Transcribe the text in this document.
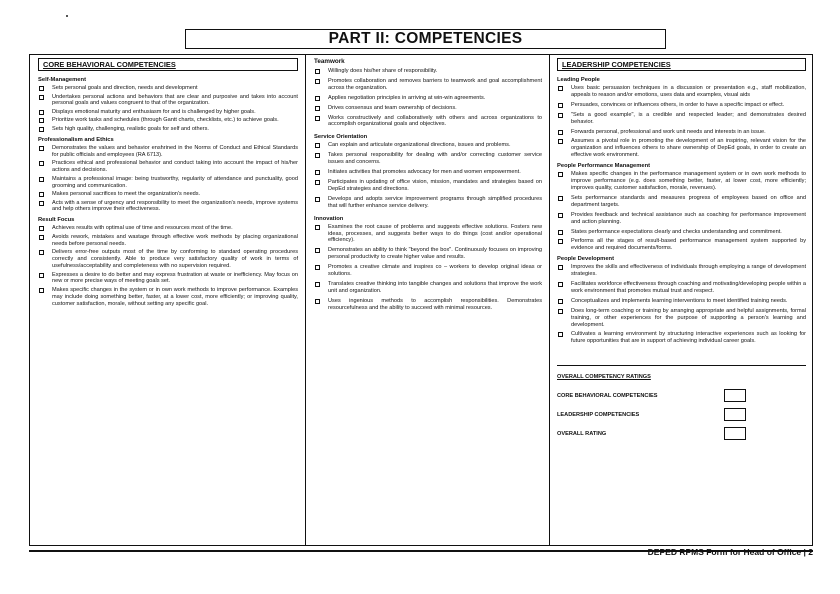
PART II: COMPETENCIES
CORE BEHAVIORAL COMPETENCIES
Self-Management
Sets personal goals and direction, needs and development
Undertakes personal actions and behaviors that are clear and purposive and takes into account personal goals and values congruent to that of the organization.
Displays emotional maturity and enthusiasm for and is challenged by higher goals.
Prioritize work tasks and schedules (through Gantt charts, checklists, etc.) to achieve goals.
Sets high quality, challenging, realistic goals for self and others.
Professionalism and Ethics
Demonstrates the values and behavior enshrined in the Norms of Conduct and Ethical Standards for public officials and employees (RA 6713).
Practices ethical and professional behavior and conduct taking into account the impact of his/her actions and decisions.
Maintains a professional image: being trustworthy, regularity of attendance and punctuality, good grooming and communication.
Makes personal sacrifices to meet the organization's needs.
Acts with a sense of urgency and responsibility to meet the organization's needs, improve systems and help others improve their effectiveness.
Result Focus
Achieves results with optimal use of time and resources most of the time.
Avoids rework, mistakes and wastage through effective work methods by placing organizational needs before personal needs.
Delivers error-free outputs most of the time by conforming to standard operating procedures correctly and consistently. Able to produce very satisfactory quality of work in terms of usefulness/acceptability and completeness with no supervision required.
Expresses a desire to do better and may express frustration at waste or inefficiency. May focus on new or more precise ways of meeting goals set.
Makes specific changes in the system or in own work methods to improve performance. Examples may include doing something better, faster, at a lower cost, more efficiently; or improving quality, customer satisfaction, morale, without setting any specific goal.
Teamwork
Willingly does his/her share of responsibility.
Promotes collaboration and removes barriers to teamwork and goal accomplishment across the organization.
Applies negotiation principles in arriving at win-win agreements.
Drives consensus and team ownership of decisions.
Works constructively and collaboratively with others and across organizations to accomplish organizational goals and objectives.
Service Orientation
Can explain and articulate organizational directions, issues and problems.
Takes personal responsibility for dealing with and/or correcting customer service issues and concerns.
Initiates activities that promotes advocacy for men and women empowerment.
Participates in updating of office vision, mission, mandates and strategies based on DepEd strategies and directions.
Develops and adopts service improvement programs through simplified procedures that will further enhance service delivery.
Innovation
Examines the root cause of problems and suggests effective solutions. Fosters new ideas, processes, and suggests better ways to do things (cost and/or operational efficiency).
Demonstrates an ability to think "beyond the box". Continuously focuses on improving personal productivity to create higher value and results.
Promotes a creative climate and inspires co – workers to develop original ideas or solutions.
Translates creative thinking into tangible changes and solutions that improve the work unit and organization.
Uses ingenious methods to accomplish responsibilities. Demonstrates resourcefulness and the ability to succeed with minimal resources.
LEADERSHIP COMPETENCIES
Leading People
Uses basic persuasion techniques in a discussion or presentation e.g., staff mobilization, appeals to reason and/or emotions, uses data and examples, visual aids
Persuades, convinces or influences others, in order to have a specific impact or effect.
"Sets a good example", is a credible and respected leader; and demonstrates desired behavior.
Forwards personal, professional and work unit needs and interests in an issue.
Assumes a pivotal role in promoting the development of an inspiring, relevant vision for the organization and influences others to share ownership of DepEd goals, in order to create an effective work environment.
People Performance Management
Makes specific changes in the performance management system or in own work methods to improve performance (e.g. does something better, faster, at lower cost, more efficiently; improves quality, customer satisfaction, morale, revenues).
Sets performance standards and measures progress of employees based on office and department targets.
Provides feedback and technical assistance such as coaching for performance improvement and action planning.
States performance expectations clearly and checks understanding and commitment.
Performs all the stages of result-based performance management system supported by evidence and required documents/forms.
People Development
Improves the skills and effectiveness of individuals through employing a range of development strategies.
Facilitates workforce effectiveness through coaching and motivating/developing people within a work environment that promotes mutual trust and respect.
Conceptualizes and implements learning interventions to meet identified training needs.
Does long-term coaching or training by arranging appropriate and helpful assignments, formal training, or other experiences for the purpose of supporting a person's learning and development.
Cultivates a learning environment by structuring interactive experiences such as looking for future opportunities that are in support of achieving individual career goals.
OVERALL COMPETENCY RATINGS
CORE BEHAVIORAL COMPETENCIES
LEADERSHIP COMPETENCIES
OVERALL RATING
DEPED RPMS Form for Head of Office | 2
